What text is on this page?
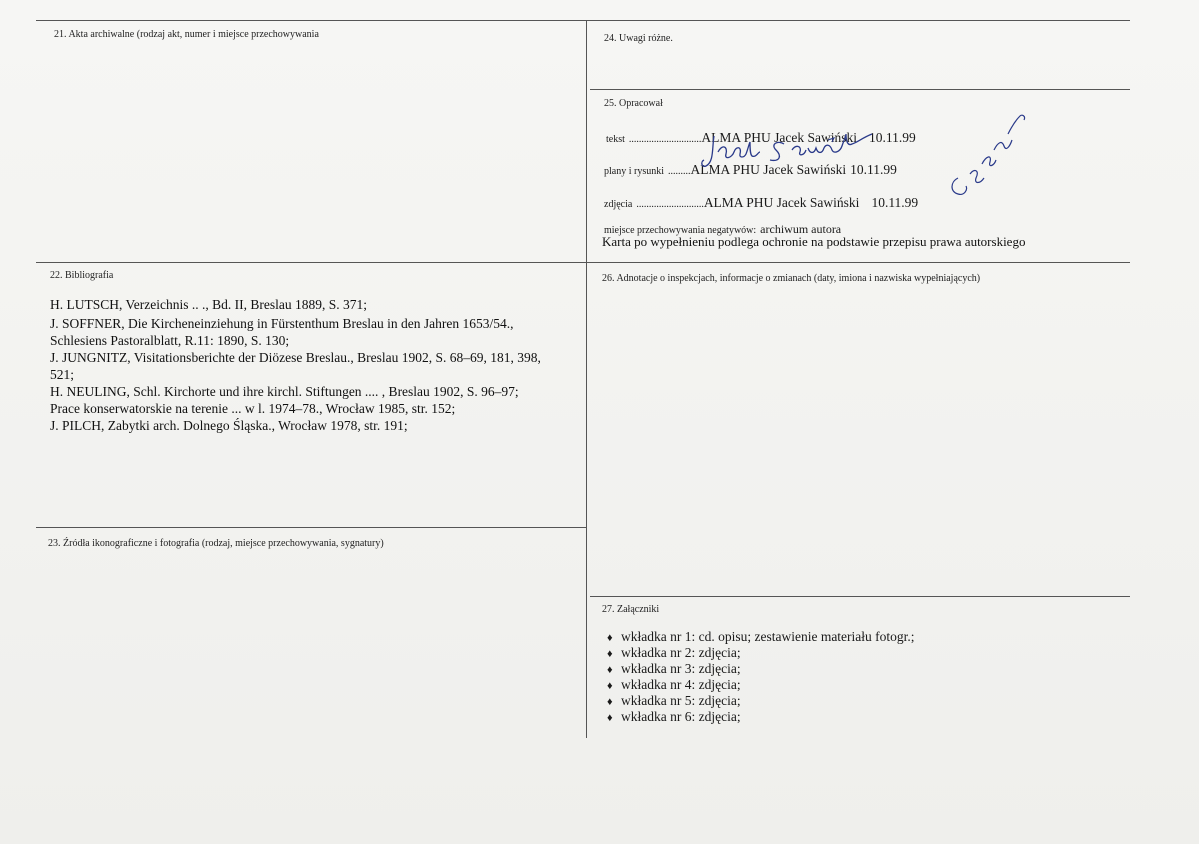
21. Akta archiwalne (rodzaj akt, numer i miejsce przechowywania	24. Uwagi różne.
25. Opracował
tekst .............................ALMA PHU Jacek Sawiński 10.11.99
plany i rysunki .........ALMA PHU Jacek Sawiński 10.11.99
zdjęcia ...........................ALMA PHU Jacek Sawiński 10.11.99
miejsce przechowywania negatywów: archiwum autora
Karta po wypełnieniu podlega ochronie na podstawie przepisu prawa autorskiego
22. Bibliografia
H. LUTSCH, Verzeichnis .. ., Bd. II, Breslau 1889, S. 371;
J. SOFFNER, Die Kircheneinziehung in Fürstenthum Breslau in den Jahren 1653/54.,
Schlesiens Pastoralblatt, R.11: 1890, S. 130;
J. JUNGNITZ, Visitationsberichte der Diözese Breslau., Breslau 1902, S. 68–69, 181, 398,
521;
H. NEULING, Schl. Kirchorte und ihre kirchl. Stiftungen .... , Breslau 1902, S. 96–97;
Prace konserwatorskie na terenie ... w l. 1974–78., Wrocław 1985, str. 152;
J. PILCH, Zabytki arch. Dolnego Śląska., Wrocław 1978, str. 191;
26. Adnotacje o inspekcjach, informacje o zmianach (daty, imiona i nazwiska wypełniających)
23. Źródła ikonograficzne i fotografia (rodzaj, miejsce przechowywania, sygnatury)
27. Załączniki
♦ wkładka nr 1: cd. opisu; zestawienie materiału fotogr.;
♦ wkładka nr 2: zdjęcia;
♦ wkładka nr 3: zdjęcia;
♦ wkładka nr 4: zdjęcia;
♦ wkładka nr 5: zdjęcia;
♦ wkładka nr 6: zdjęcia;
